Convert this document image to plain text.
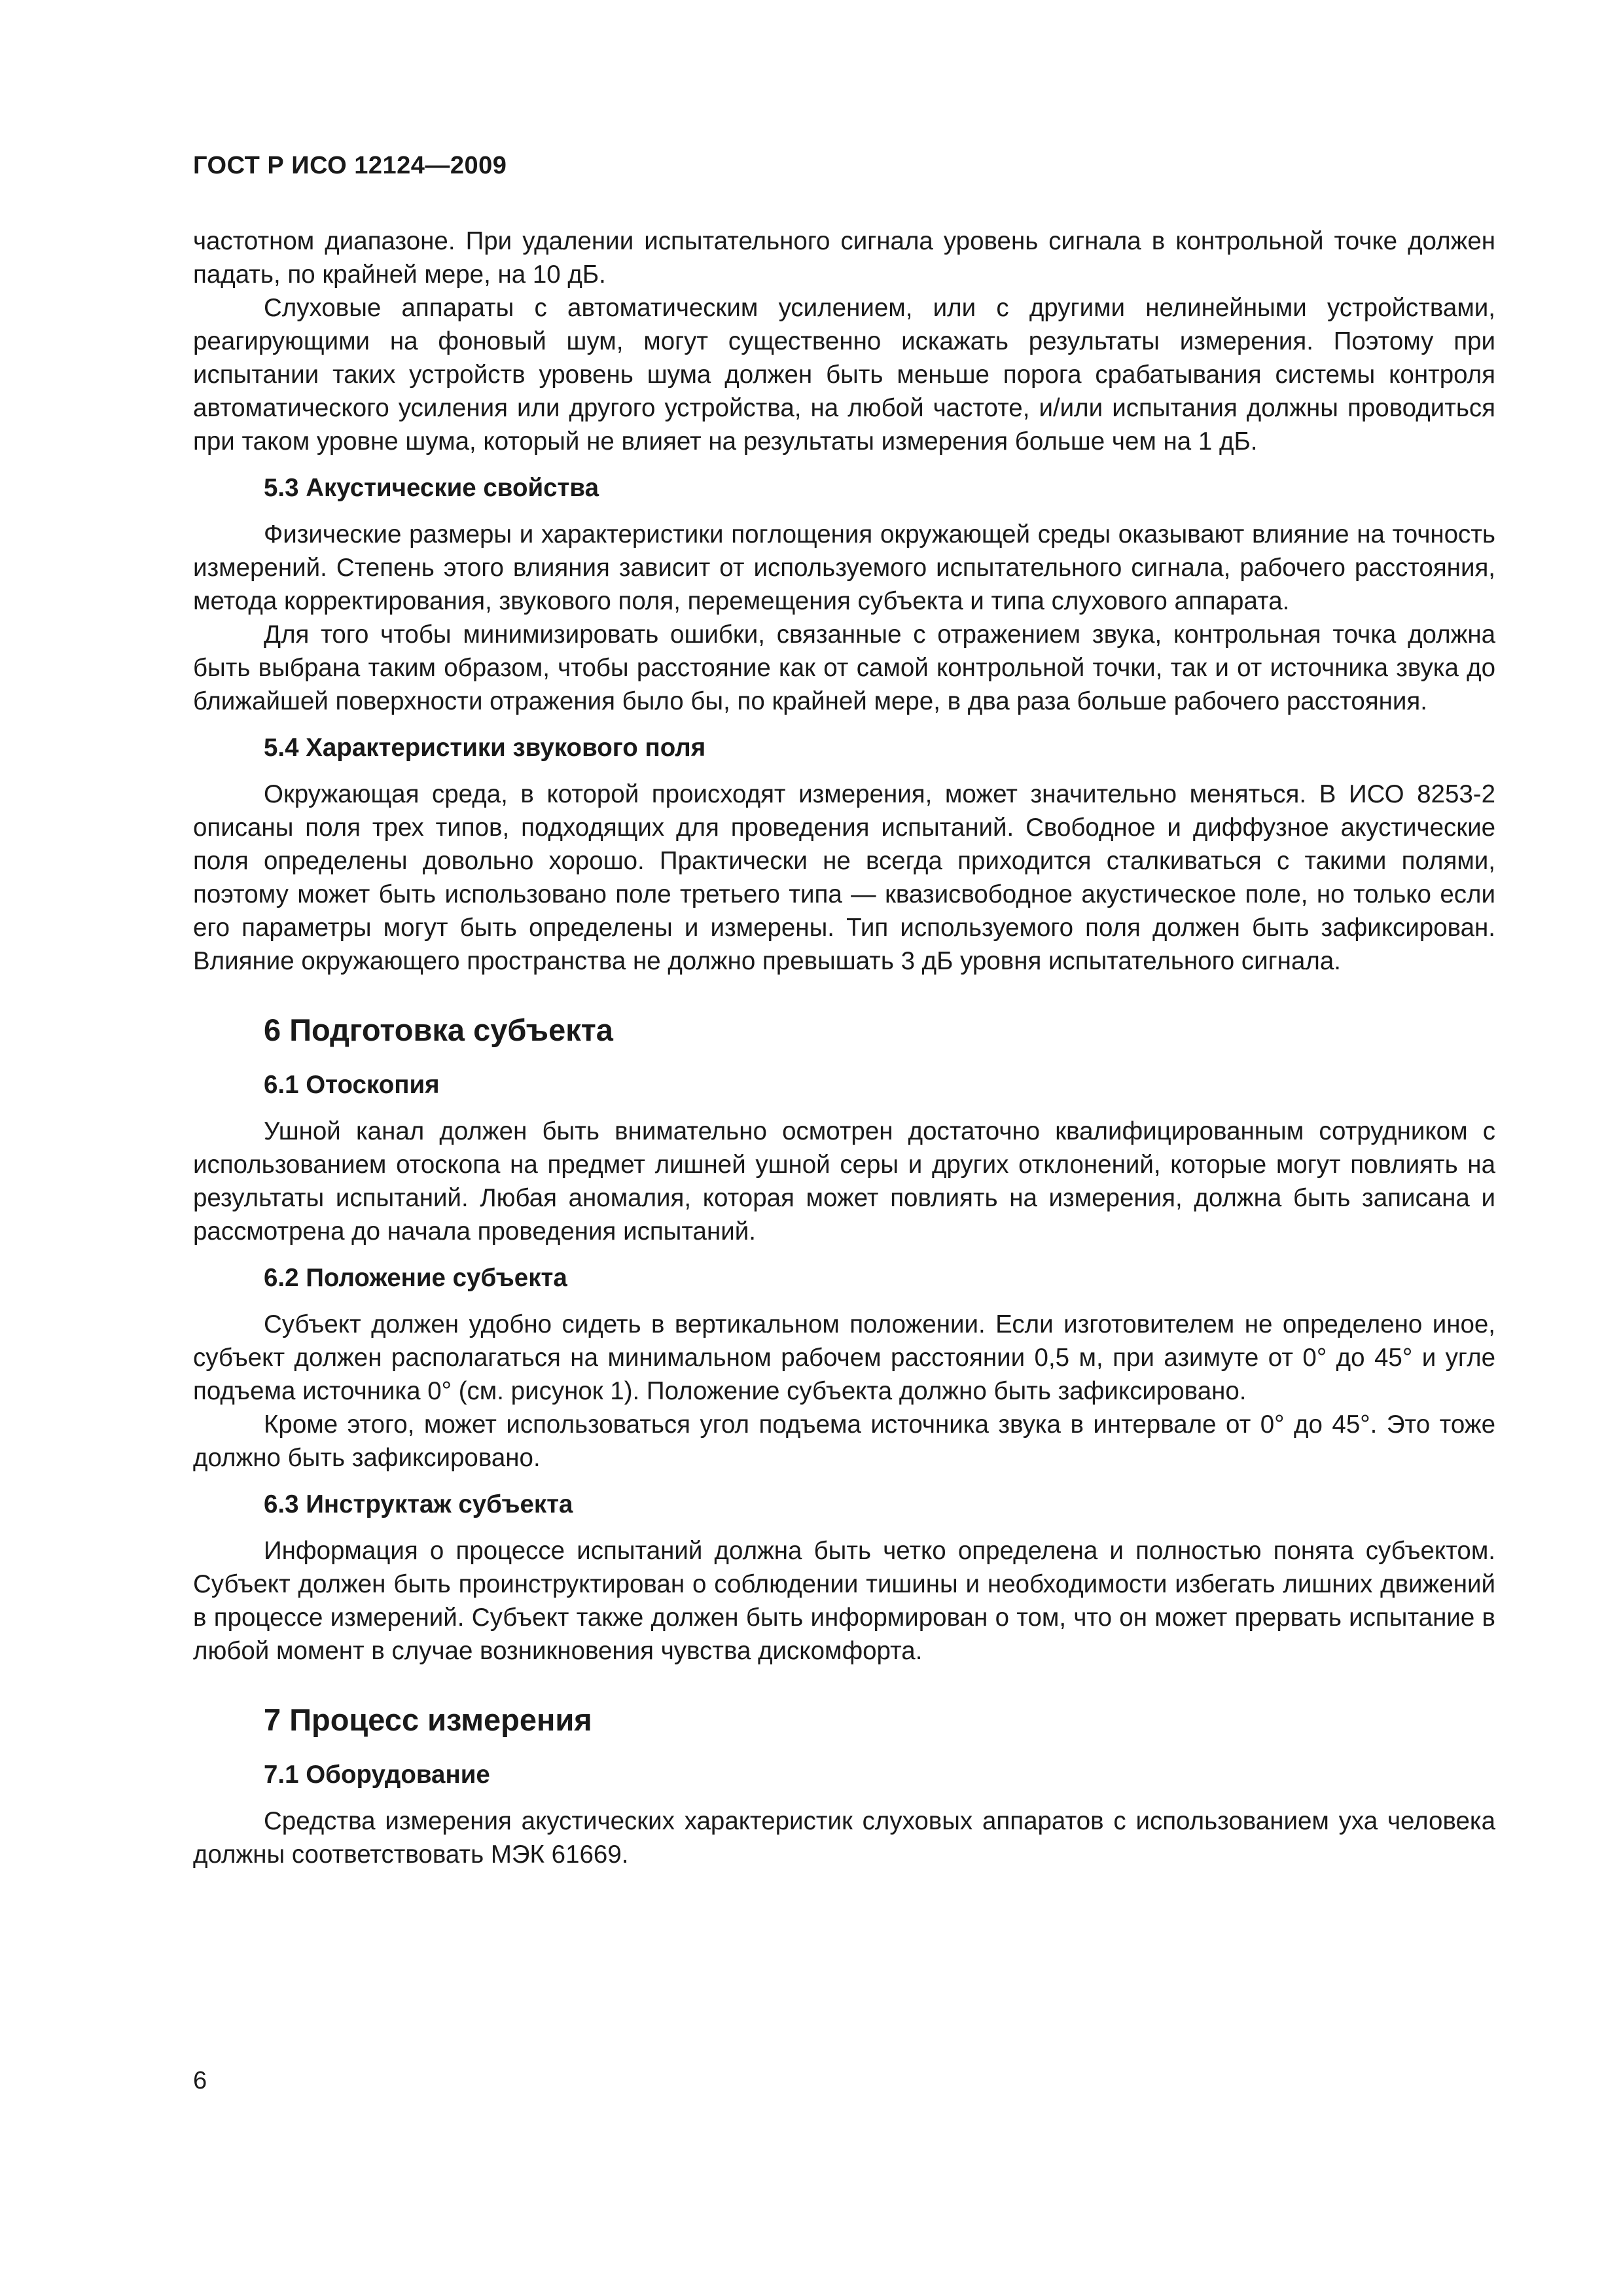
ГОСТ Р ИСО 12124—2009

частотном диапазоне. При удалении испытательного сигнала уровень сигнала в контрольной точке должен падать, по крайней мере, на 10 дБ.

Слуховые аппараты с автоматическим усилением, или с другими нелинейными устройствами, реагирующими на фоновый шум, могут существенно искажать результаты измерения. Поэтому при испытании таких устройств уровень шума должен быть меньше порога срабатывания системы контроля автоматического усиления или другого устройства, на любой частоте, и/или испытания должны проводиться при таком уровне шума, который не влияет на результаты измерения больше чем на 1 дБ.

5.3 Акустические свойства

Физические размеры и характеристики поглощения окружающей среды оказывают влияние на точность измерений. Степень этого влияния зависит от используемого испытательного сигнала, рабочего расстояния, метода корректирования, звукового поля, перемещения субъекта и типа слухового аппарата.

Для того чтобы минимизировать ошибки, связанные с отражением звука, контрольная точка должна быть выбрана таким образом, чтобы расстояние как от самой контрольной точки, так и от источника звука до ближайшей поверхности отражения было бы, по крайней мере, в два раза больше рабочего расстояния.

5.4 Характеристики звукового поля

Окружающая среда, в которой происходят измерения, может значительно меняться. В ИСО 8253-2 описаны поля трех типов, подходящих для проведения испытаний. Свободное и диффузное акустические поля определены довольно хорошо. Практически не всегда приходится сталкиваться с такими полями, поэтому может быть использовано поле третьего типа — квазисвободное акустическое поле, но только если его параметры могут быть определены и измерены. Тип используемого поля должен быть зафиксирован. Влияние окружающего пространства не должно превышать 3 дБ уровня испытательного сигнала.

6 Подготовка субъекта
6.1 Отоскопия

Ушной канал должен быть внимательно осмотрен достаточно квалифицированным сотрудником с использованием отоскопа на предмет лишней ушной серы и других отклонений, которые могут повлиять на результаты испытаний. Любая аномалия, которая может повлиять на измерения, должна быть записана и рассмотрена до начала проведения испытаний.

6.2 Положение субъекта

Субъект должен удобно сидеть в вертикальном положении. Если изготовителем не определено иное, субъект должен располагаться на минимальном рабочем расстоянии 0,5 м, при азимуте от 0° до 45° и угле подъема источника 0° (см. рисунок 1). Положение субъекта должно быть зафиксировано.

Кроме этого, может использоваться угол подъема источника звука в интервале от 0° до 45°. Это тоже должно быть зафиксировано.

6.3 Инструктаж субъекта

Информация о процессе испытаний должна быть четко определена и полностью понята субъектом. Субъект должен быть проинструктирован о соблюдении тишины и необходимости избегать лишних движений в процессе измерений. Субъект также должен быть информирован о том, что он может прервать испытание в любой момент в случае возникновения чувства дискомфорта.

7 Процесс измерения
7.1 Оборудование

Средства измерения акустических характеристик слуховых аппаратов с использованием уха человека должны соответствовать МЭК 61669.

6
